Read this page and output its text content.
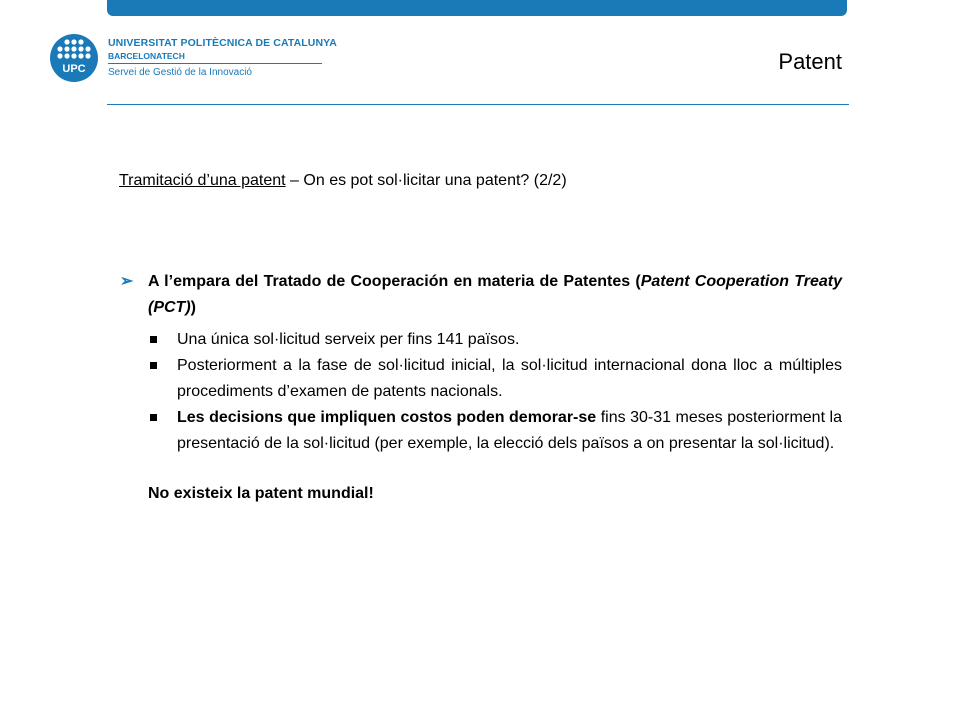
UPC
UNIVERSITAT POLITÈCNICA DE CATALUNYA
BARCELONATECH
Servei de Gestió de la Innovació	Patent
Tramitació d’una patent – On es pot sol·licitar una patent? (2/2)
➢ A l’empara del Tratado de Cooperación en materia de Patentes (Patent Cooperation Treaty (PCT))
Una única sol·licitud serveix per fins 141 països.
Posteriorment a la fase de sol·licitud inicial, la sol·licitud internacional dona lloc a múltiples procediments d’examen de patents nacionals.
Les decisions que impliquen costos poden demorar-se fins 30-31 meses posteriorment la presentació de la sol·licitud (per exemple, la elecció dels països a on presentar la sol·licitud).
No existeix la patent mundial!
